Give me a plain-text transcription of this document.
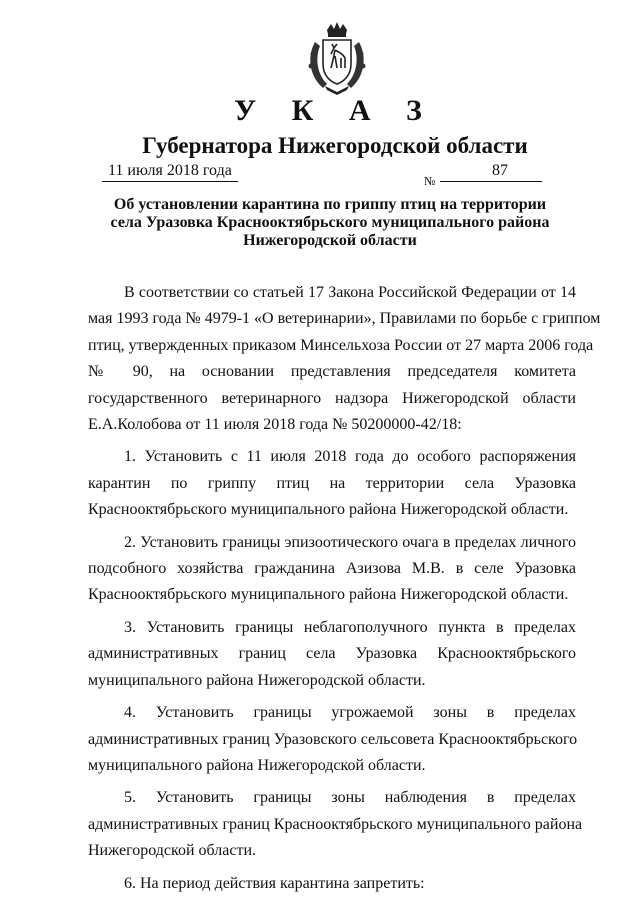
У К А З
Губернатора Нижегородской области
11 июля 2018 года
№
87
Об установлении карантина по гриппу птиц на территории
села Уразовка Краснооктябрьского муниципального района
Нижегородской области
В соответствии со статьей 17 Закона Российской Федерации от 14
мая 1993 года № 4979-1 «О ветеринарии», Правилами по борьбе с гриппом
птиц, утвержденных приказом Минсельхоза России от 27 марта 2006 года
№ 90, на основании представления председателя комитета
государственного ветеринарного надзора Нижегородской области
Е.А.Колобова от 11 июля 2018 года № 50200000-42/18:
1. Установить с 11 июля 2018 года до особого распоряжения
карантин по гриппу птиц на территории села Уразовка
Краснооктябрьского муниципального района Нижегородской области.
2. Установить границы эпизоотического очага в пределах личного
подсобного хозяйства гражданина Азизова М.В. в селе Уразовка
Краснооктябрьского муниципального района Нижегородской области.
3. Установить границы неблагополучного пункта в пределах
административных границ села Уразовка Краснооктябрьского
муниципального района Нижегородской области.
4. Установить границы угрожаемой зоны в пределах
административных границ Уразовского сельсовета Краснооктябрьского
муниципального района Нижегородской области.
5. Установить границы зоны наблюдения в пределах
административных границ Краснооктябрьского муниципального района
Нижегородской области.
6. На период действия карантина запретить:
